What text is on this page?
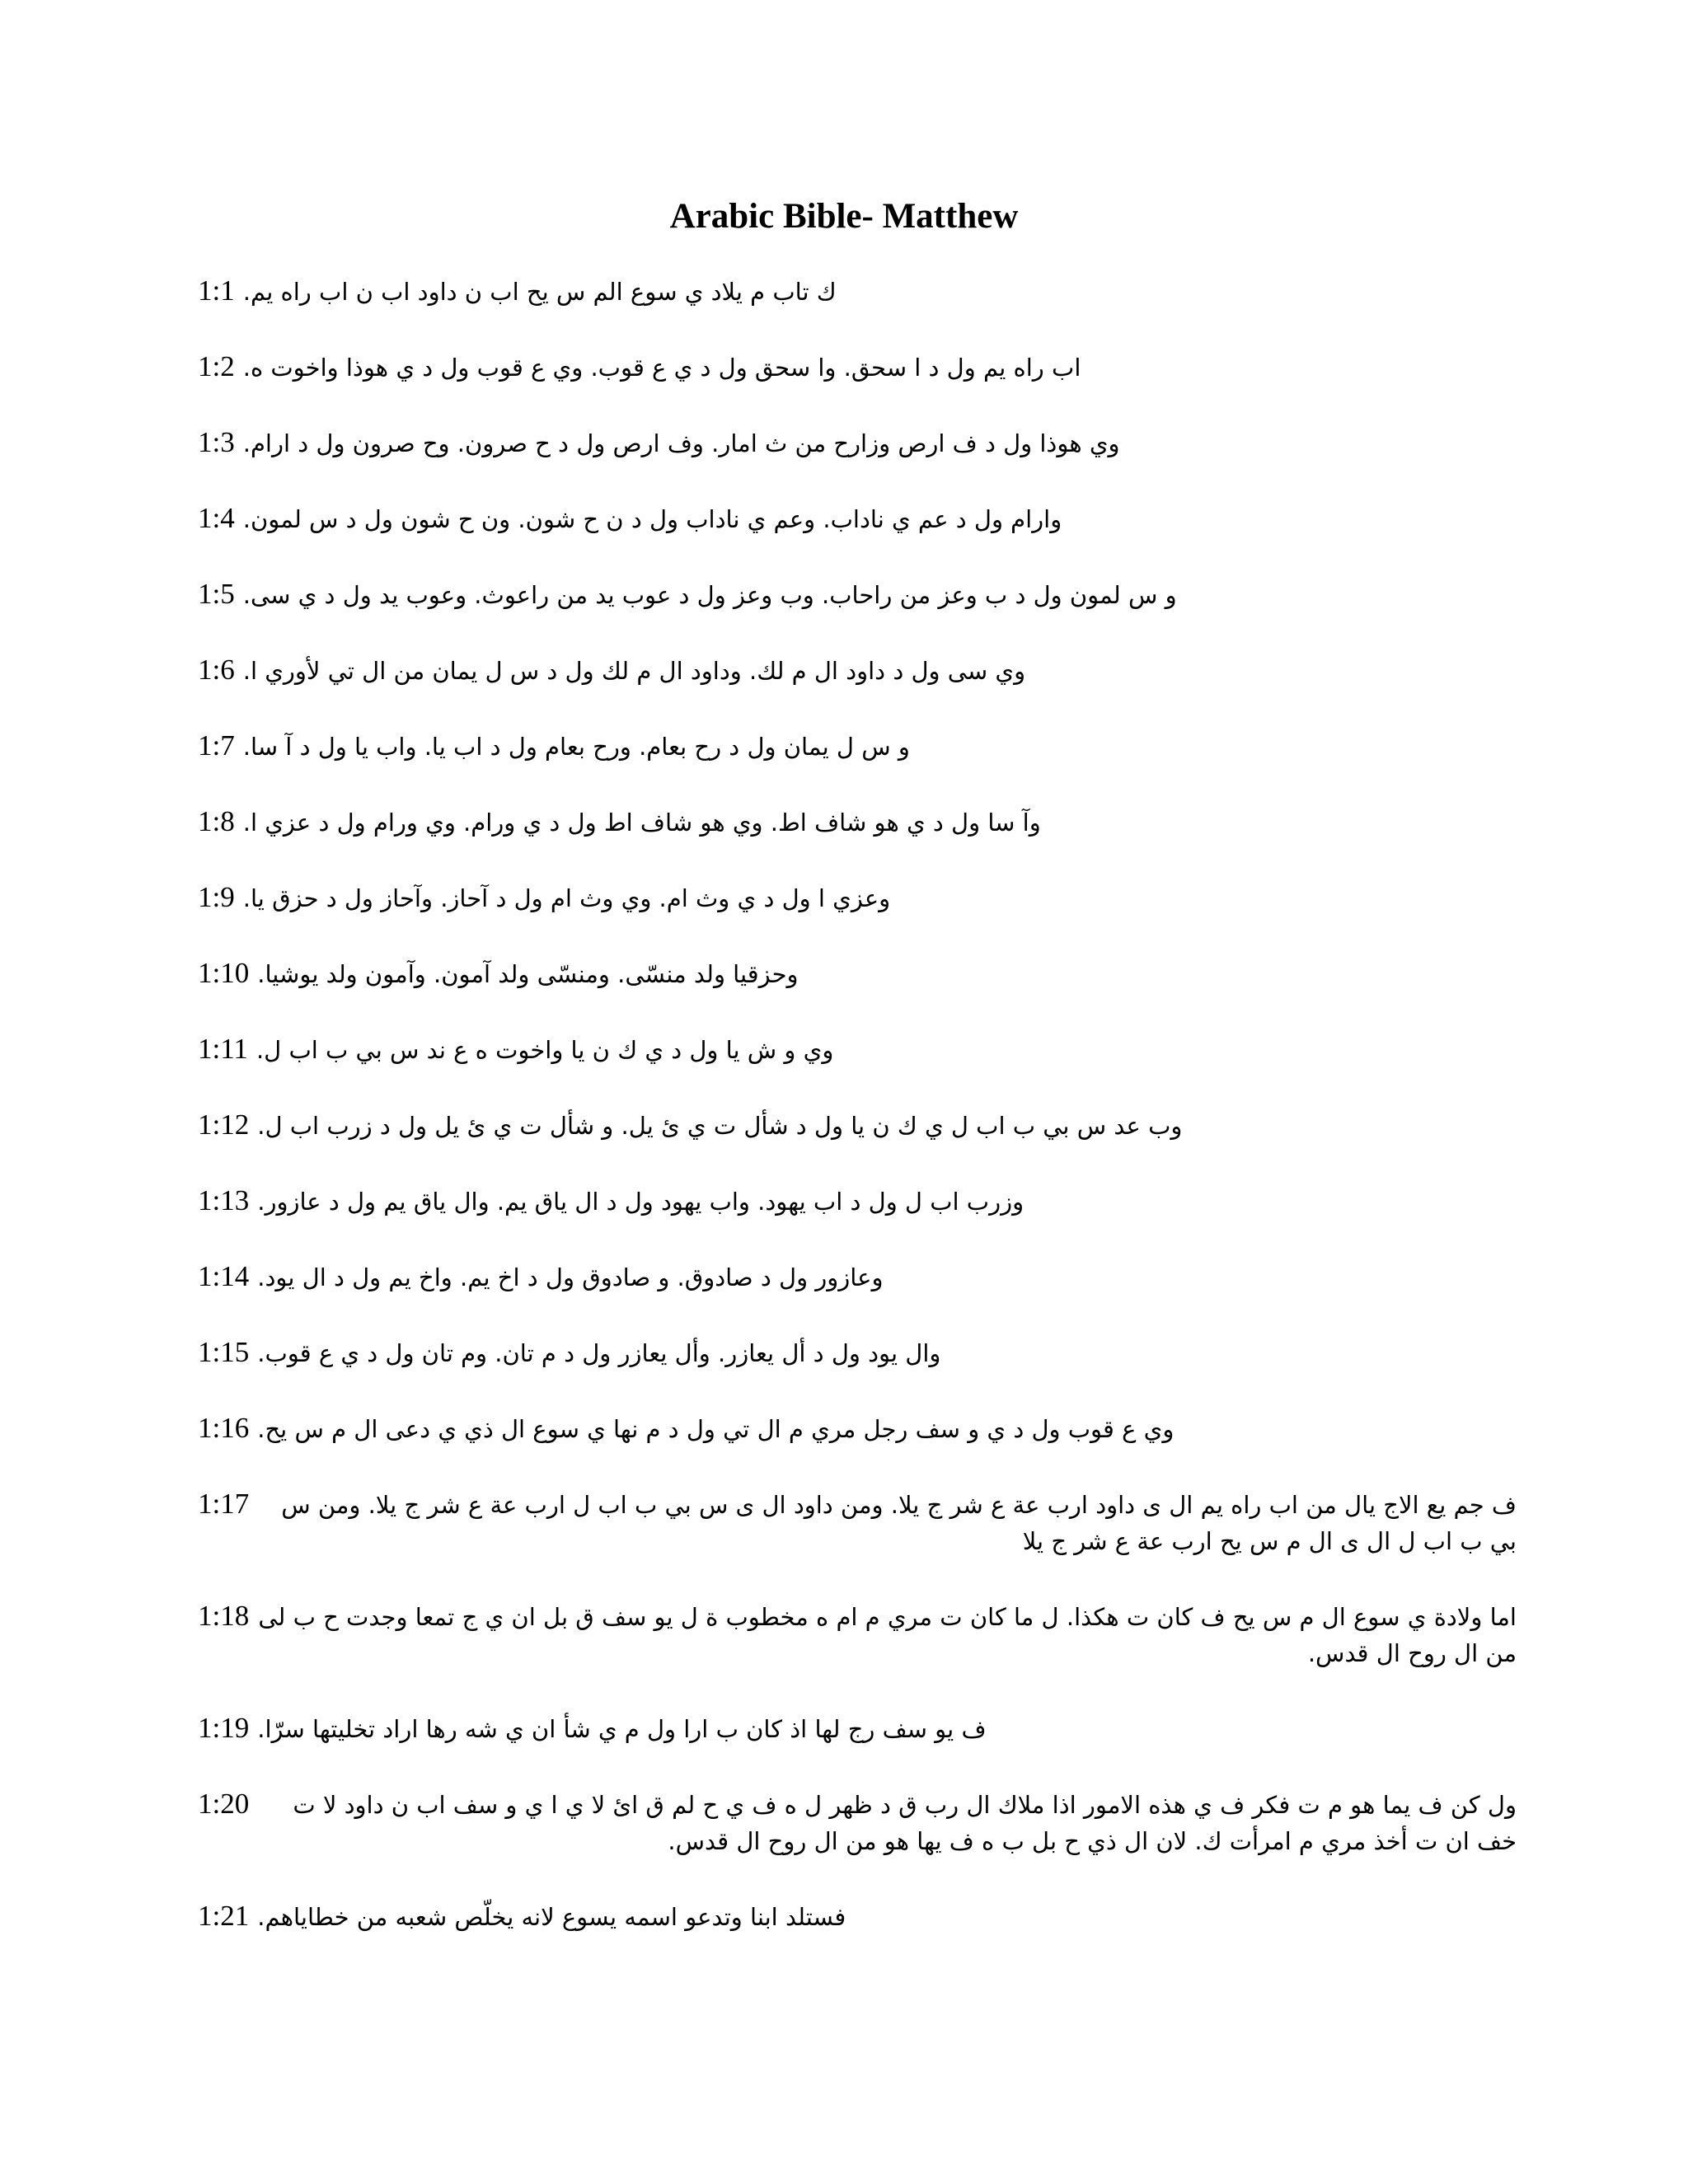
Arabic Bible- Matthew
1:1 ك تاب م يلاد ي سوع الم س يح اب ن داود اب ن اب راه يم.
1:2 اب راه يم ول د ا سحق. وا سحق ول د ي ع قوب. وي ع قوب ول د ي هوذا واخوت ه.
1:3 وي هوذا ول د ف ارص وزارح من ث امار. وف ارص ول د ح صرون. وح صرون ول د ارام.
1:4 وارام ول د عم ي ناداب. وعم ي ناداب ول د ن ح شون. ون ح شون ول د س لمون.
1:5 و س لمون ول د ب وعز من راحاب. وب وعز ول د عوب يد من راعوث. وعوب يد ول د ي سى.
1:6 وي سى ول د داود ال م لك. وداود ال م لك ول د س ل يمان من ال تي لأوري ا.
1:7 و س ل يمان ول د رح بعام. ورح بعام ول د اب يا. واب يا ول د آ سا.
1:8 وآ سا ول د ي هو شاف اط. وي هو شاف اط ول د ي ورام. وي ورام ول د عزي ا.
1:9 وعزي ا ول د ي وث ام. وي وث ام ول د آحاز. وآحاز ول د حزق يا.
1:10 وحزقيا ولد منسّى. ومنسّى ولد آمون. وآمون ولد يوشيا.
1:11 وي و ش يا ول د ي ك ن يا واخوت ه ع ند س بي ب اب ل.
1:12 وب عد س بي ب اب ل ي ك ن يا ول د شأل ت ي ئ يل. و شأل ت ي ئ يل ول د زرب اب ل.
1:13 وزرب اب ل ول د اب يهود. واب يهود ول د ال ياق يم. وال ياق يم ول د عازور.
1:14 وعازور ول د صادوق. و صادوق ول د اخ يم. واخ يم ول د ال يود.
1:15 وال يود ول د أل يعازر. وأل يعازر ول د م تان. وم تان ول د ي ع قوب.
1:16 وي ع قوب ول د ي و سف رجل مري م ال تي ول د م نها ي سوع ال ذي ي دعى ال م س يح.
1:17	ف جم يع الاج يال من اب راه يم ال ى داود ارب عة ع شر ج يلا. ومن داود ال ى س بي ب اب ل ارب عة ع شر ج يلا. ومن س بي ب اب ل ال ى ال م س يح ارب عة ع شر ج يلا
1:18 اما ولادة ي سوع ال م س يح ف كان ت هكذا. ل ما كان ت مري م ام ه مخطوب ة ل يو سف ق بل ان ي ج تمعا وجدت ح ب لى من ال روح ال قدس.
1:19 ف يو سف رج لها اذ كان ب ارا ول م ي شأ ان ي شه رها اراد تخليتها سرّا.
1:20	ول كن ف يما هو م ت فكر ف ي هذه الامور اذا ملاك ال رب ق د ظهر ل ه ف ي ح لم ق ائ لا ي ا ي و سف اب ن داود لا ت خف ان ت أخذ مري م امرأت ك. لان ال ذي ح بل ب ه ف يها هو من ال روح ال قدس.
1:21 فستلد ابنا وتدعو اسمه يسوع لانه يخلّص شعبه من خطاياهم.
